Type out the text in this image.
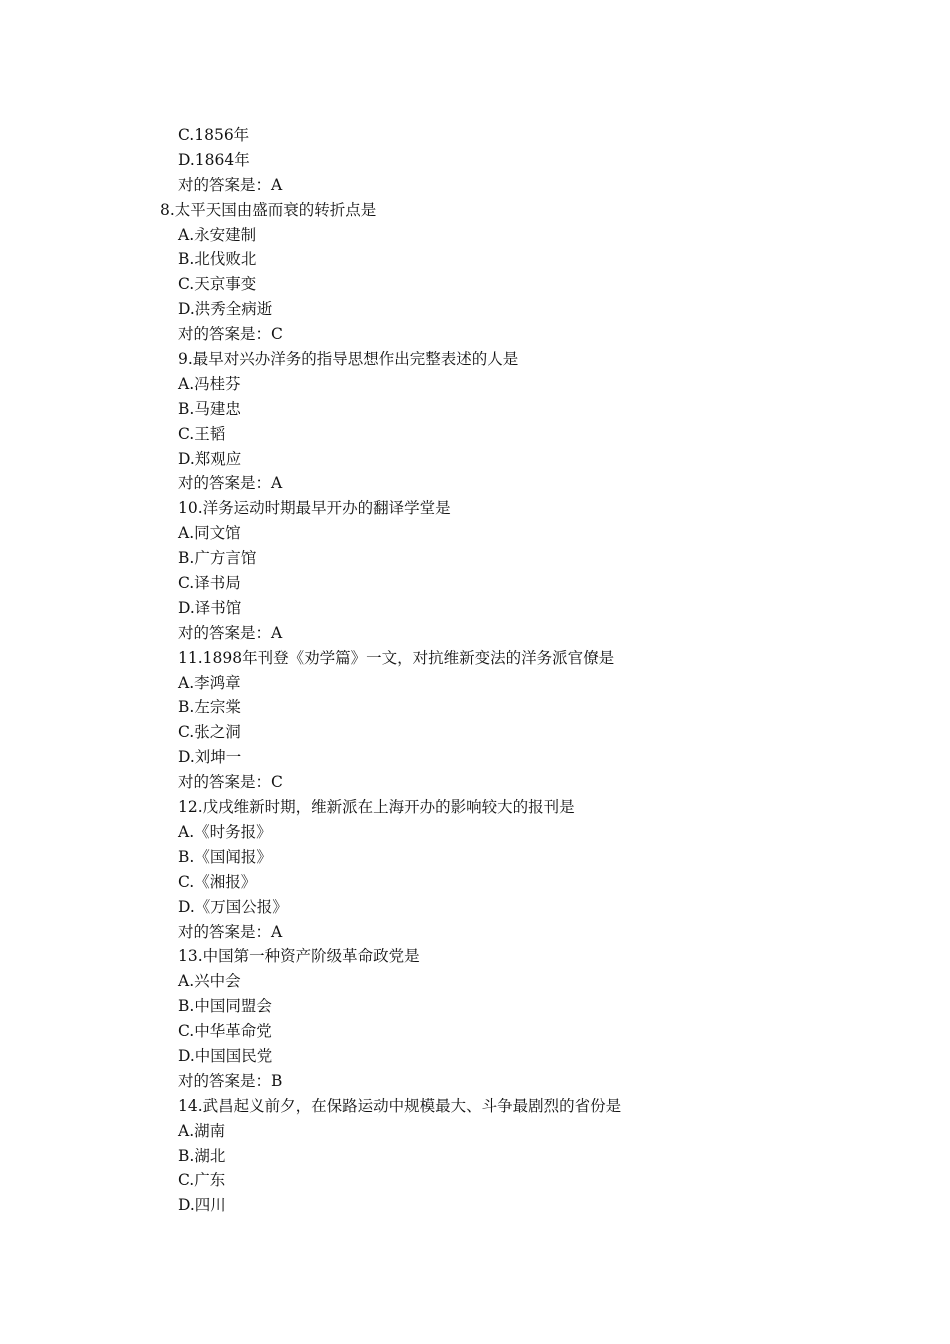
C.1856年
D.1864年
对的答案是：A
8.太平天国由盛而衰的转折点是
A.永安建制
B.北伐败北
C.天京事变
D.洪秀全病逝
对的答案是：C
9.最早对兴办洋务的指导思想作出完整表述的人是
A.冯桂芬
B.马建忠
C.王韬
D.郑观应
对的答案是：A
10.洋务运动时期最早开办的翻译学堂是
A.同文馆
B.广方言馆
C.译书局
D.译书馆
对的答案是：A
11.1898年刊登《劝学篇》一文，对抗维新变法的洋务派官僚是
A.李鸿章
B.左宗棠
C.张之洞
D.刘坤一
对的答案是：C
12.戊戌维新时期，维新派在上海开办的影响较大的报刊是
A.《时务报》
B.《国闻报》
C.《湘报》
D.《万国公报》
对的答案是：A
13.中国第一种资产阶级革命政党是
A.兴中会
B.中国同盟会
C.中华革命党
D.中国国民党
对的答案是：B
14.武昌起义前夕，在保路运动中规模最大、斗争最剧烈的省份是
A.湖南
B.湖北
C.广东
D.四川
